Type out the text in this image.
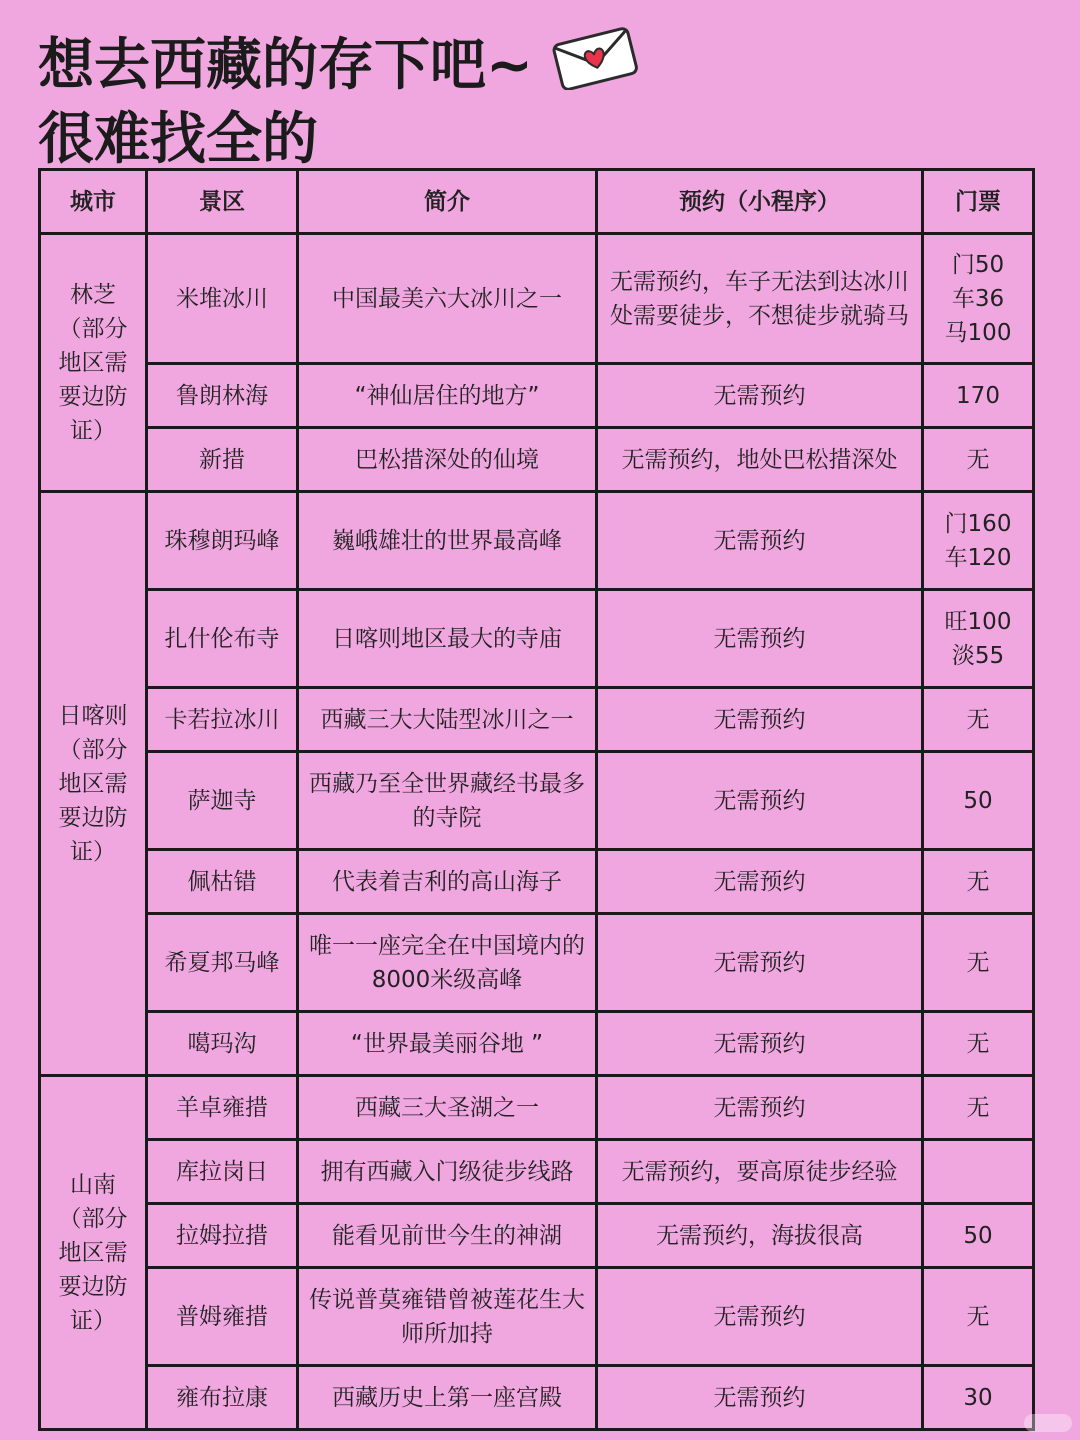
想去西藏的存下吧~
很难找全的
城市	景区	简介	预约（小程序）	门票

林芝
（部分
地区需
要边防
证）	米堆冰川	中国最美六大冰川之一	无需预约，车子无法到达冰川处需要徒步，不想徒步就骑马	门50
车36
马100

	鲁朗林海	“神仙居住的地方”	无需预约	170

	新措	巴松措深处的仙境	无需预约，地处巴松措深处	无

日喀则
（部分
地区需
要边防
证）	珠穆朗玛峰	巍峨雄壮的世界最高峰	无需预约	门160
车120

	扎什伦布寺	日喀则地区最大的寺庙	无需预约	旺100
淡55

	卡若拉冰川	西藏三大大陆型冰川之一	无需预约	无

	萨迦寺	西藏乃至全世界藏经书最多的寺院	无需预约	50

	佩枯错	代表着吉利的高山海子	无需预约	无

	希夏邦马峰	唯一一座完全在中国境内的8000米级高峰	无需预约	无

	噶玛沟	“世界最美丽谷地 ”	无需预约	无

山南
（部分
地区需
要边防
证）	羊卓雍措	西藏三大圣湖之一	无需预约	无

	库拉岗日	拥有西藏入门级徒步线路	无需预约，要高原徒步经验	

	拉姆拉措	能看见前世今生的神湖	无需预约，海拔很高	50

	普姆雍措	传说普莫雍错曾被莲花生大师所加持	无需预约	无

	雍布拉康	西藏历史上第一座宫殿	无需预约	30
